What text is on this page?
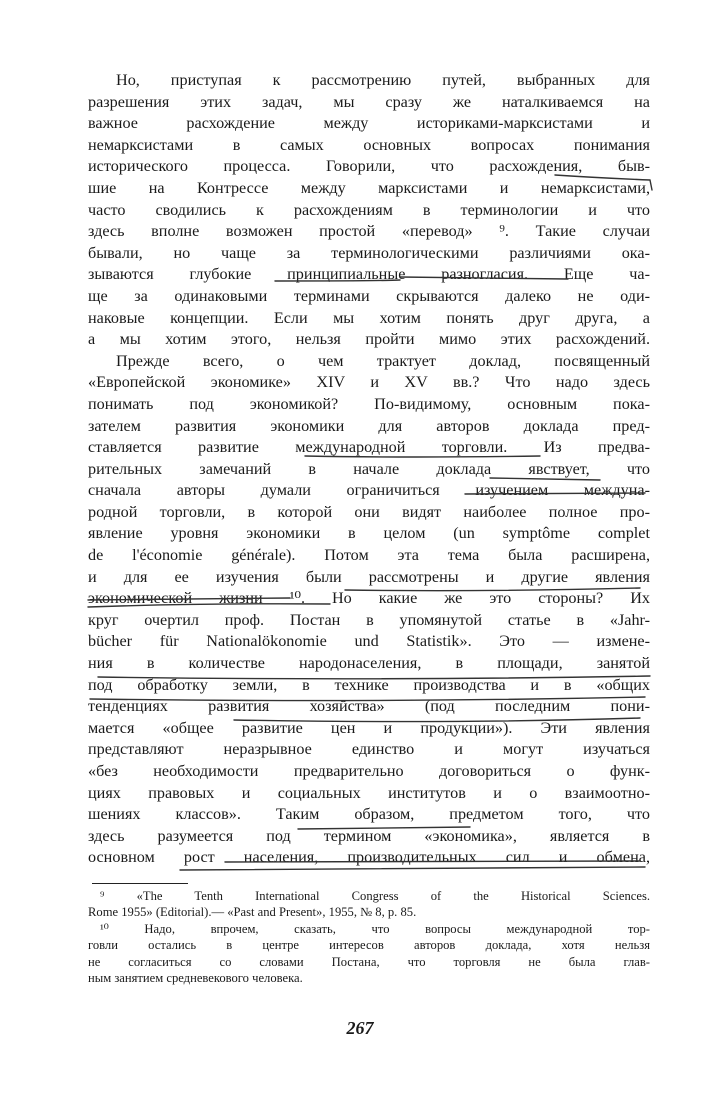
Но, приступая к рассмотрению путей, выбранных для
разрешения этих задач, мы сразу же наталкиваемся на
важное расхождение между историками-марксистами и
немарксистами в самых основных вопросах понимания
исторического процесса. Говорили, что расхождения, быв-
шие на Контрессе между марксистами и немарксистами,
часто сводились к расхождениям в терминологии и что
здесь вполне возможен простой «перевод» ⁹. Такие случаи
бывали, но чаще за терминологическими различиями ока-
зываются глубокие принципиальные разногласия. Еще ча-
ще за одинаковыми терминами скрываются далеко не оди-
наковые концепции. Если мы хотим понять друг друга, а
а мы хотим этого, нельзя пройти мимо этих расхождений.
Прежде всего, о чем трактует доклад, посвященный
«Европейской экономике» XIV и XV вв.? Что надо здесь
понимать под экономикой? По-видимому, основным пока-
зателем развития экономики для авторов доклада пред-
ставляется развитие международной торговли. Из предва-
рительных замечаний в начале доклада явствует, что
сначала авторы думали ограничиться изучением междуна-
родной торговли, в которой они видят наиболее полное про-
явление уровня экономики в целом (un symptôme complet
de l'économie générale). Потом эта тема была расширена,
и для ее изучения были рассмотрены и другие явления
экономической жизни ¹⁰. Но какие же это стороны? Их
круг очертил проф. Постан в упомянутой статье в «Jahr-
bücher für Nationalökonomie und Statistik». Это — измене-
ния в количестве народонаселения, в площади, занятой
под обработку земли, в технике производства и в «общих
тенденциях развития хозяйства» (под последним пони-
мается «общее развитие цен и продукции»). Эти явления
представляют неразрывное единство и могут изучаться
«без необходимости предварительно договориться о функ-
циях правовых и социальных институтов и о взаимоотно-
шениях классов». Таким образом, предметом того, что
здесь разумеется под термином «экономика», является в
основном рост населения, производительных сил и обмена,
⁹ «The Tenth International Congress of the Historical Sciences.
Rome 1955» (Editorial).— «Past and Present», 1955, № 8, p. 85.
¹⁰ Надо, впрочем, сказать, что вопросы международной тор-
говли остались в центре интересов авторов доклада, хотя нельзя
не согласиться со словами Постана, что торговля не была глав-
ным занятием средневекового человека.
267
